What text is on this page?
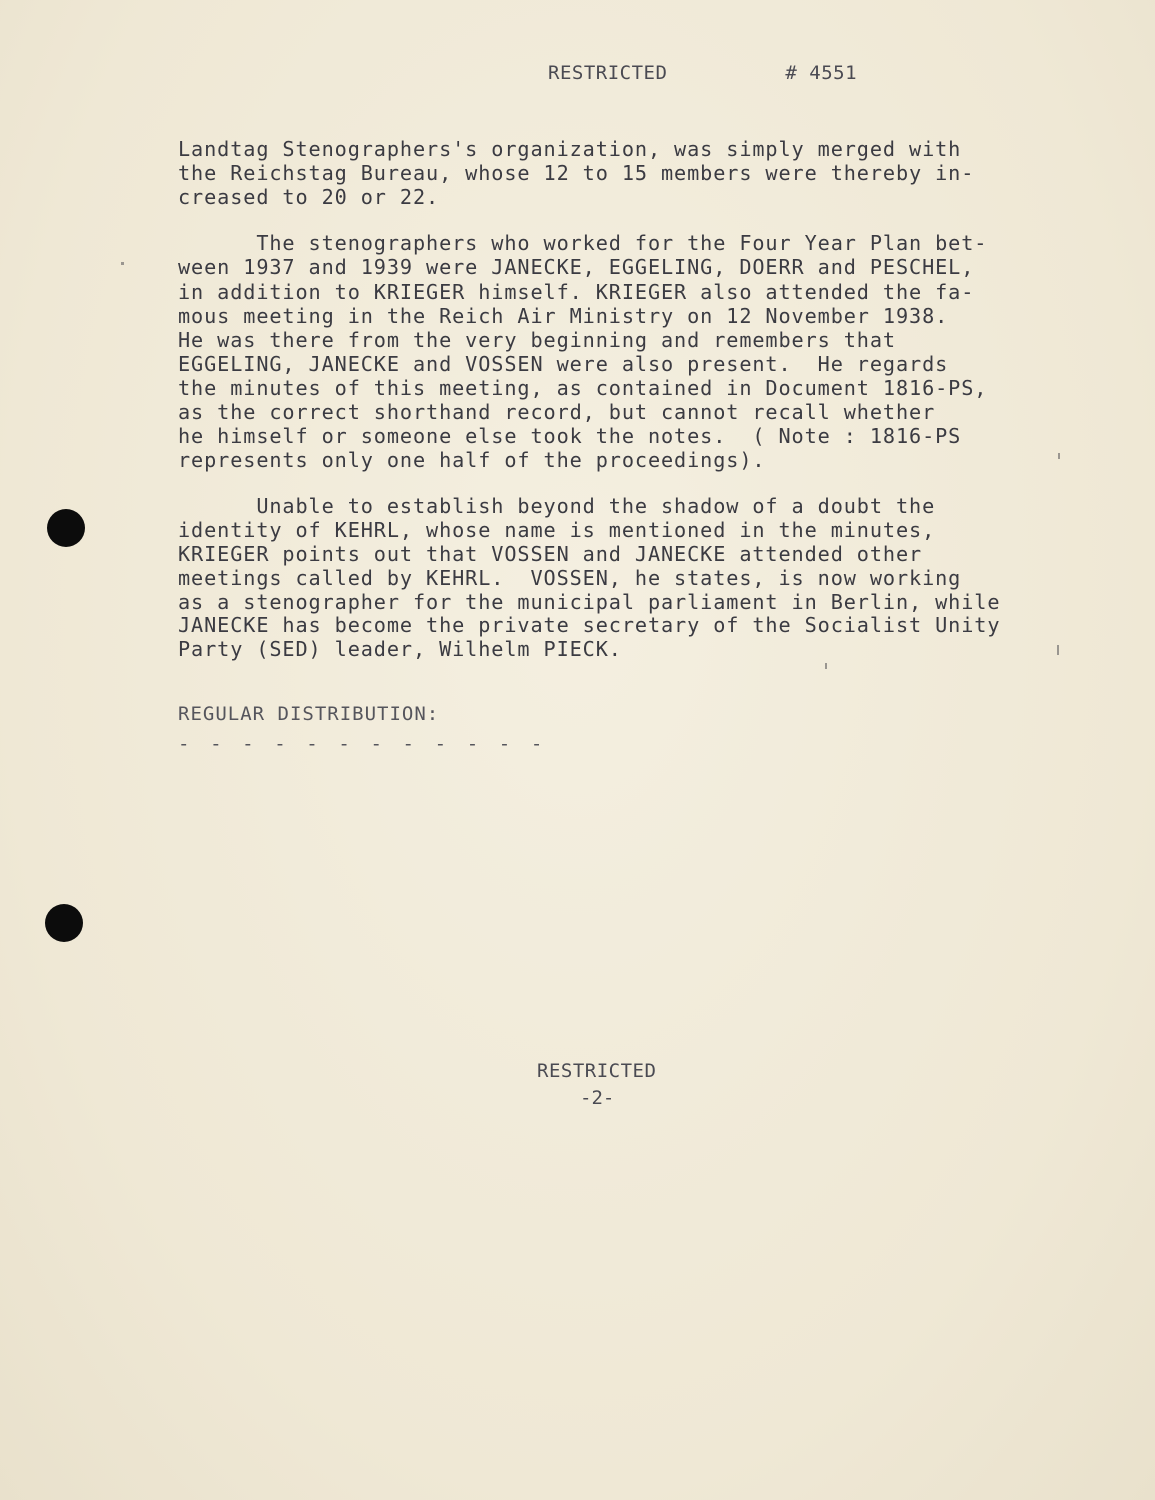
RESTRICTED	# 4551
Landtag Stenographers's organization, was simply merged with
the Reichstag Bureau, whose 12 to 15 members were thereby in-
creased to 20 or 22.
The stenographers who worked for the Four Year Plan bet-
ween 1937 and 1939 were JANECKE, EGGELING, DOERR and PESCHEL,
in addition to KRIEGER himself. KRIEGER also attended the fa-
mous meeting in the Reich Air Ministry on 12 November 1938.
He was there from the very beginning and remembers that
EGGELING, JANECKE and VOSSEN were also present.  He regards
the minutes of this meeting, as contained in Document 1816-PS,
as the correct shorthand record, but cannot recall whether
he himself or someone else took the notes.  ( Note : 1816-PS
represents only one half of the proceedings).
Unable to establish beyond the shadow of a doubt the
identity of KEHRL, whose name is mentioned in the minutes,
KRIEGER points out that VOSSEN and JANECKE attended other
meetings called by KEHRL.  VOSSEN, he states, is now working
as a stenographer for the municipal parliament in Berlin, while
JANECKE has become the private secretary of the Socialist Unity
Party (SED) leader, Wilhelm PIECK.
REGULAR DISTRIBUTION:
- - - - - - - - - - - -
RESTRICTED
-2-
